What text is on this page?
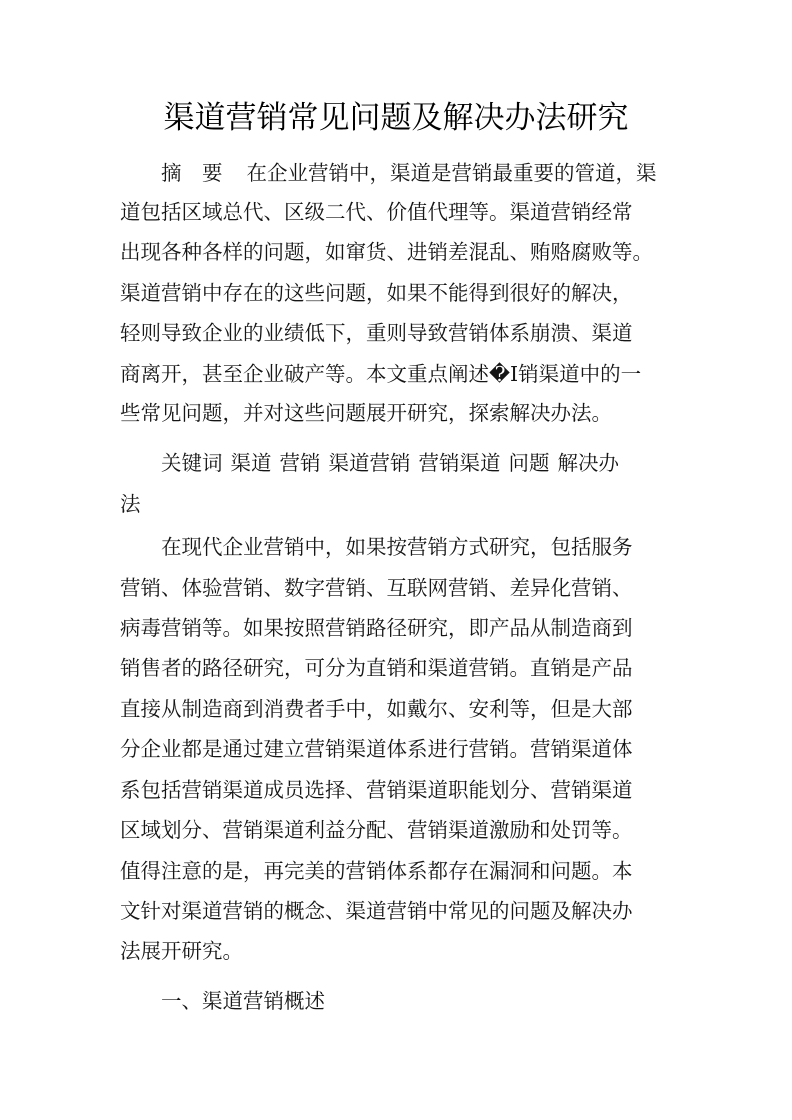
渠道营销常见问题及解决办法研究
摘　要 在企业营销中，渠道是营销最重要的管道，渠
道包括区域总代、区级二代、价值代理等。渠道营销经常
出现各种各样的问题，如窜货、进销差混乱、贿赂腐败等。
渠道营销中存在的这些问题，如果不能得到很好的解决，
轻则导致企业的业绩低下，重则导致营销体系崩溃、渠道
商离开，甚至企业破产等。本文重点阐述�I销渠道中的一
些常见问题，并对这些问题展开研究，探索解决办法。
关键词 渠道 营销 渠道营销 营销渠道 问题 解决办
法
在现代企业营销中，如果按营销方式研究，包括服务
营销、体验营销、数字营销、互联网营销、差异化营销、
病毒营销等。如果按照营销路径研究，即产品从制造商到
销售者的路径研究，可分为直销和渠道营销。直销是产品
直接从制造商到消费者手中，如戴尔、安利等，但是大部
分企业都是通过建立营销渠道体系进行营销。营销渠道体
系包括营销渠道成员选择、营销渠道职能划分、营销渠道
区域划分、营销渠道利益分配、营销渠道激励和处罚等。
值得注意的是，再完美的营销体系都存在漏洞和问题。本
文针对渠道营销的概念、渠道营销中常见的问题及解决办
法展开研究。
一、渠道营销概述
